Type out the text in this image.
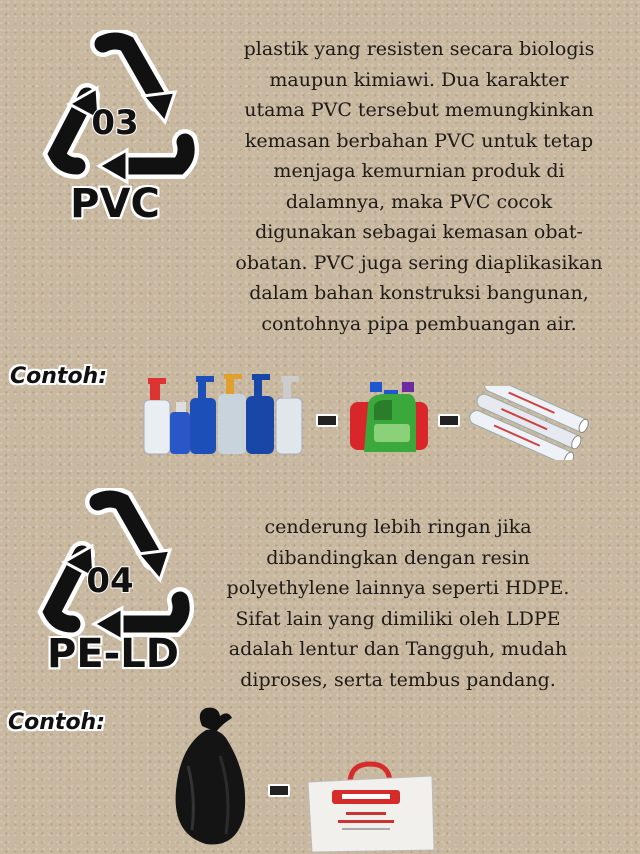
03
PVC
plastik yang resisten secara biologis
maupun kimiawi. Dua karakter
utama PVC tersebut memungkinkan
kemasan berbahan PVC untuk tetap
menjaga kemurnian produk di
dalamnya, maka PVC cocok
digunakan sebagai kemasan obat-
obatan. PVC juga sering diaplikasikan
dalam bahan konstruksi bangunan,
contohnya pipa pembuangan air.
Contoh:
04
PE-LD
cenderung lebih ringan jika
dibandingkan dengan resin
polyethylene lainnya seperti HDPE.
Sifat lain yang dimiliki oleh LDPE
adalah lentur dan Tangguh, mudah
diproses, serta tembus pandang.
Contoh:
